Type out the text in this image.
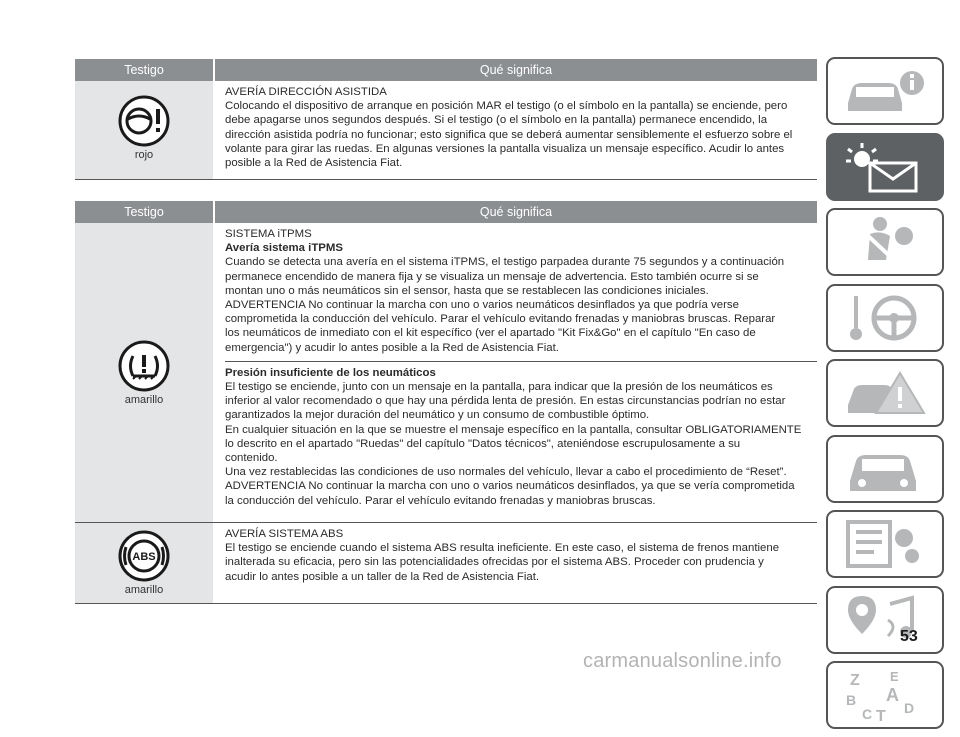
Testigo	Qué significa
rojo

AVERÍA DIRECCIÓN ASISTIDA

Colocando el dispositivo de arranque en posición MAR el testigo (o el símbolo en la pantalla) se enciende, pero

debe apagarse unos segundos después. Si el testigo (o el símbolo en la pantalla) permanece encendido, la

dirección asistida podría no funcionar; esto significa que se deberá aumentar sensiblemente el esfuerzo sobre el

volante para girar las ruedas. En algunas versiones la pantalla visualiza un mensaje específico. Acudir lo antes

posible a la Red de Asistencia Fiat.

Testigo	Qué significa
amarillo

SISTEMA iTPMS

Avería sistema iTPMS

Cuando se detecta una avería en el sistema iTPMS, el testigo parpadea durante 75 segundos y a continuación

permanece encendido de manera fija y se visualiza un mensaje de advertencia. Esto también ocurre si se

montan uno o más neumáticos sin el sensor, hasta que se restablecen las condiciones iniciales.

ADVERTENCIA No continuar la marcha con uno o varios neumáticos desinflados ya que podría verse

comprometida la conducción del vehículo. Parar el vehículo evitando frenadas y maniobras bruscas. Reparar

los neumáticos de inmediato con el kit específico (ver el apartado "Kit Fix&Go" en el capítulo "En caso de

emergencia") y acudir lo antes posible a la Red de Asistencia Fiat.

Presión insuficiente de los neumáticos

El testigo se enciende, junto con un mensaje en la pantalla, para indicar que la presión de los neumáticos es

inferior al valor recomendado o que hay una pérdida lenta de presión. En estas circunstancias podrían no estar

garantizados la mejor duración del neumático y un consumo de combustible óptimo.

En cualquier situación en la que se muestre el mensaje específico en la pantalla, consultar OBLIGATORIAMENTE

lo descrito en el apartado "Ruedas" del capítulo "Datos técnicos", ateniéndose escrupulosamente a su

contenido.

Una vez restablecidas las condiciones de uso normales del vehículo, llevar a cabo el procedimiento de “Reset”.

ADVERTENCIA No continuar la marcha con uno o varios neumáticos desinflados, ya que se vería comprometida

la conducción del vehículo. Parar el vehículo evitando frenadas y maniobras bruscas.

ABS
amarillo

AVERÍA SISTEMA ABS

El testigo se enciende cuando el sistema ABS resulta ineficiente. En este caso, el sistema de frenos mantiene

inalterada su eficacia, pero sin las potencialidades ofrecidas por el sistema ABS. Proceder con prudencia y

acudir lo antes posible a un taller de la Red de Asistencia Fiat.

Z E
A
B
C T D
53
carmanualsonline.info
